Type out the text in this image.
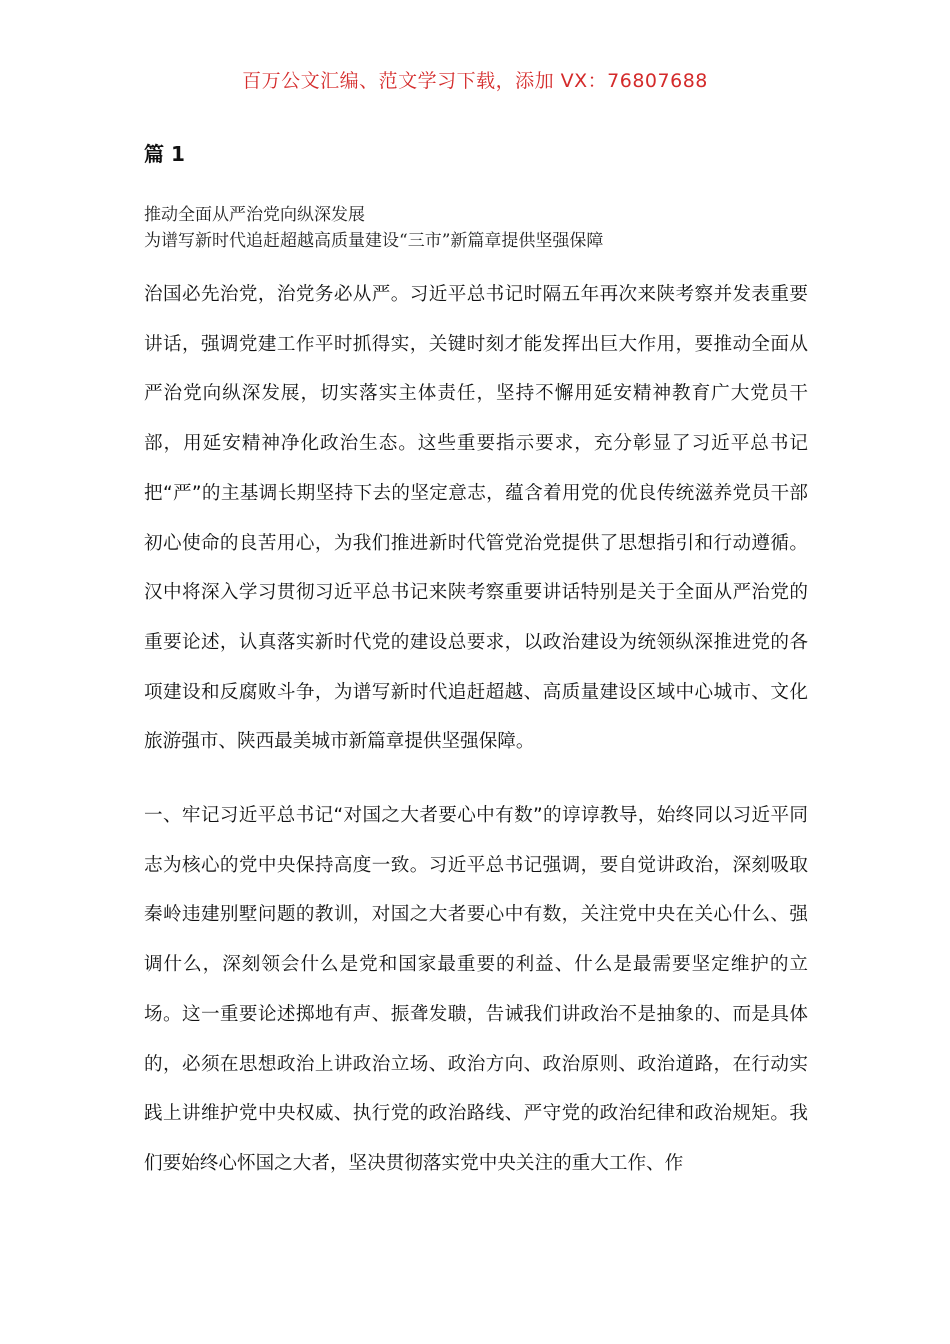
百万公文汇编、范文学习下载，添加 VX：76807688
篇 1
推动全面从严治党向纵深发展
为谱写新时代追赶超越高质量建设“三市”新篇章提供坚强保障

治国必先治党，治党务必从严。习近平总书记时隔五年再次来陕考察并发表重要讲话，强调党建工作平时抓得实，关键时刻才能发挥出巨大作用，要推动全面从严治党向纵深发展，切实落实主体责任，坚持不懈用延安精神教育广大党员干部，用延安精神净化政治生态。这些重要指示要求，充分彰显了习近平总书记把“严”的主基调长期坚持下去的坚定意志，蕴含着用党的优良传统滋养党员干部初心使命的良苦用心，为我们推进新时代管党治党提供了思想指引和行动遵循。汉中将深入学习贯彻习近平总书记来陕考察重要讲话特别是关于全面从严治党的重要论述，认真落实新时代党的建设总要求，以政治建设为统领纵深推进党的各项建设和反腐败斗争，为谱写新时代追赶超越、高质量建设区域中心城市、文化旅游强市、陕西最美城市新篇章提供坚强保障。

一、牢记习近平总书记“对国之大者要心中有数”的谆谆教导，始终同以习近平同志为核心的党中央保持高度一致。习近平总书记强调，要自觉讲政治，深刻吸取秦岭违建别墅问题的教训，对国之大者要心中有数，关注党中央在关心什么、强调什么，深刻领会什么是党和国家最重要的利益、什么是最需要坚定维护的立场。这一重要论述掷地有声、振聋发聩，告诫我们讲政治不是抽象的、而是具体的，必须在思想政治上讲政治立场、政治方向、政治原则、政治道路，在行动实践上讲维护党中央权威、执行党的政治路线、严守党的政治纪律和政治规矩。我们要始终心怀国之大者，坚决贯彻落实党中央关注的重大工作、作
